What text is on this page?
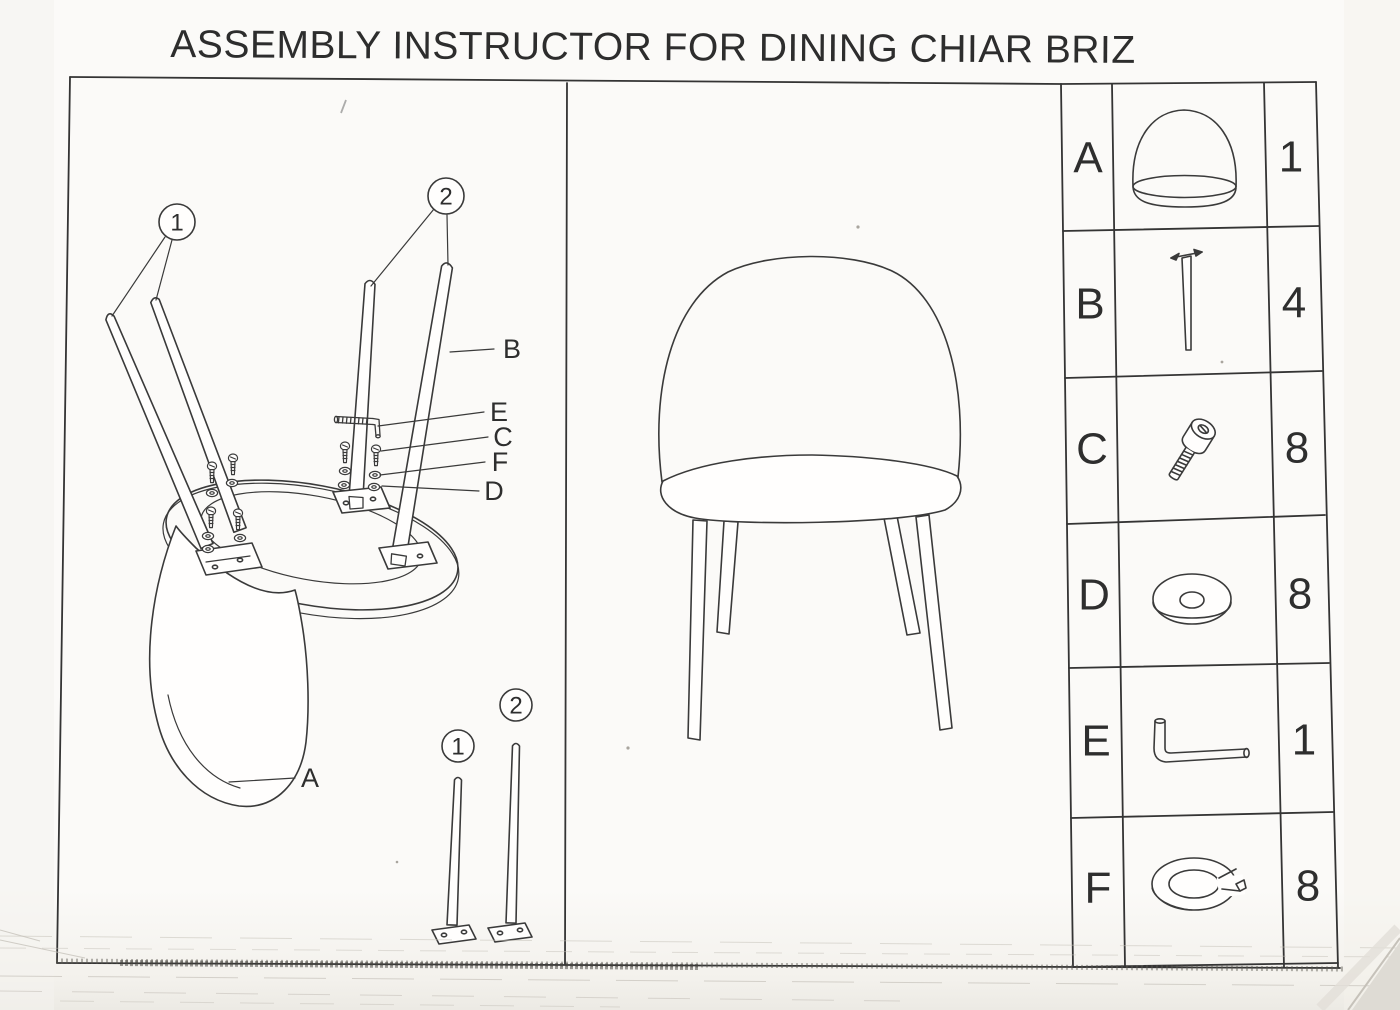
ASSEMBLY INSTRUCTOR FOR DINING CHIAR BRIZ
1
2
B
E
C
F
D
A
1
2
A	1
B	4
C	8
D	8
E	1
F	8
